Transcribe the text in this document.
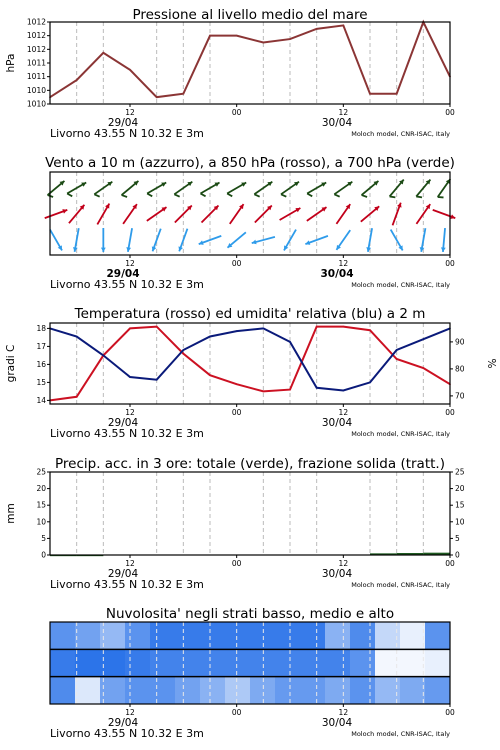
1010
1010
1011
1011
1012
1012
1012
hPa
Pressione al livello medio del mare
12	00	12	00
29/04	30/04
Livorno 43.55 N 10.32 E 3m	Moloch model, CNR-ISAC, Italy
Vento a 10 m (azzurro), a 850 hPa (rosso), a 700 hPa (verde)
12	00	12	00
29/04	30/04
Livorno 43.55 N 10.32 E 3m	Moloch model, CNR-ISAC, Italy
14
15
16
17
18
70
80
90
gradi C	%
Temperatura (rosso) ed umidita' relativa (blu) a 2 m
12	00	12	00
29/04	30/04
Livorno 43.55 N 10.32 E 3m	Moloch model, CNR-ISAC, Italy
0	0
5	5
10	10
15	15
20	20
25	25
mm
Precip. acc. in 3 ore: totale (verde), frazione solida (tratt.)
12	00	12	00
29/04	30/04
Livorno 43.55 N 10.32 E 3m	Moloch model, CNR-ISAC, Italy
Nuvolosita' negli strati basso, medio e alto
12	00	12	00
29/04	30/04
Livorno 43.55 N 10.32 E 3m	Moloch model, CNR-ISAC, Italy
